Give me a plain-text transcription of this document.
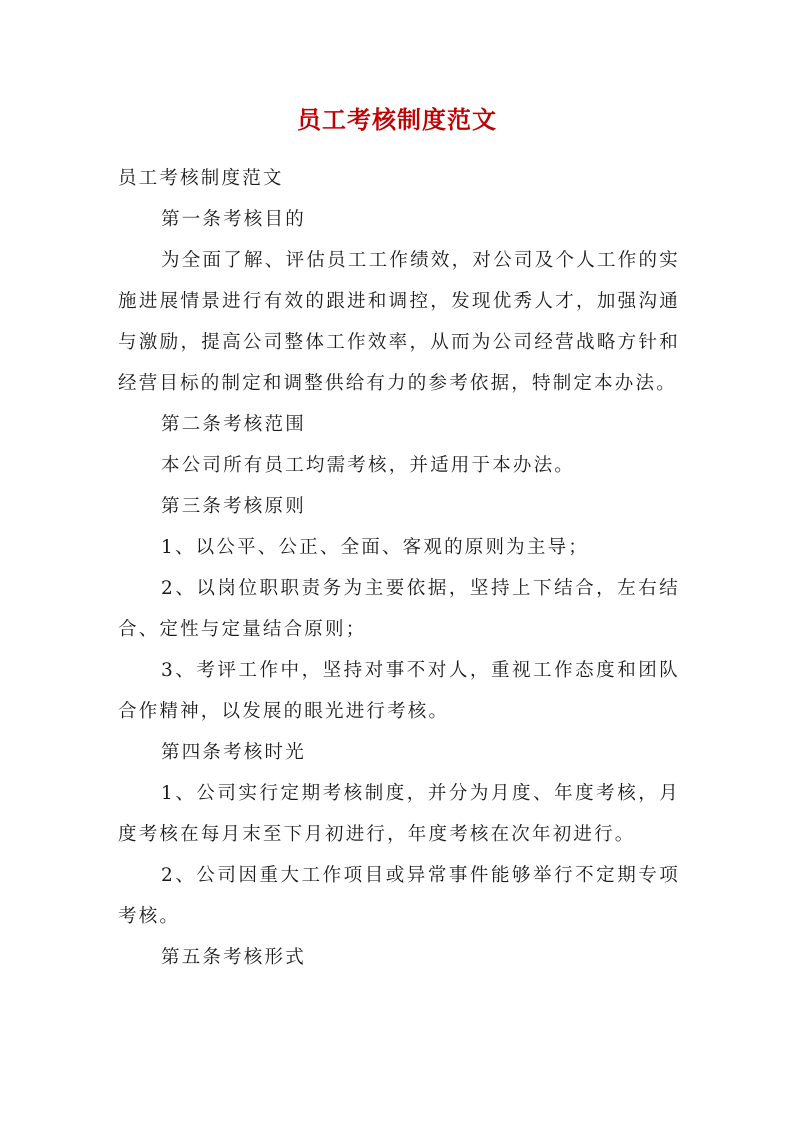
员工考核制度范文

员工考核制度范文

第一条考核目的

为全面了解、评估员工工作绩效，对公司及个人工作的实施进展情景进行有效的跟进和调控，发现优秀人才，加强沟通与激励，提高公司整体工作效率，从而为公司经营战略方针和经营目标的制定和调整供给有力的参考依据，特制定本办法。

第二条考核范围

本公司所有员工均需考核，并适用于本办法。

第三条考核原则

1、以公平、公正、全面、客观的原则为主导；

2、以岗位职职责务为主要依据，坚持上下结合，左右结合、定性与定量结合原则；

3、考评工作中，坚持对事不对人，重视工作态度和团队合作精神，以发展的眼光进行考核。

第四条考核时光

1、公司实行定期考核制度，并分为月度、年度考核，月度考核在每月末至下月初进行，年度考核在次年初进行。

2、公司因重大工作项目或异常事件能够举行不定期专项考核。

第五条考核形式
